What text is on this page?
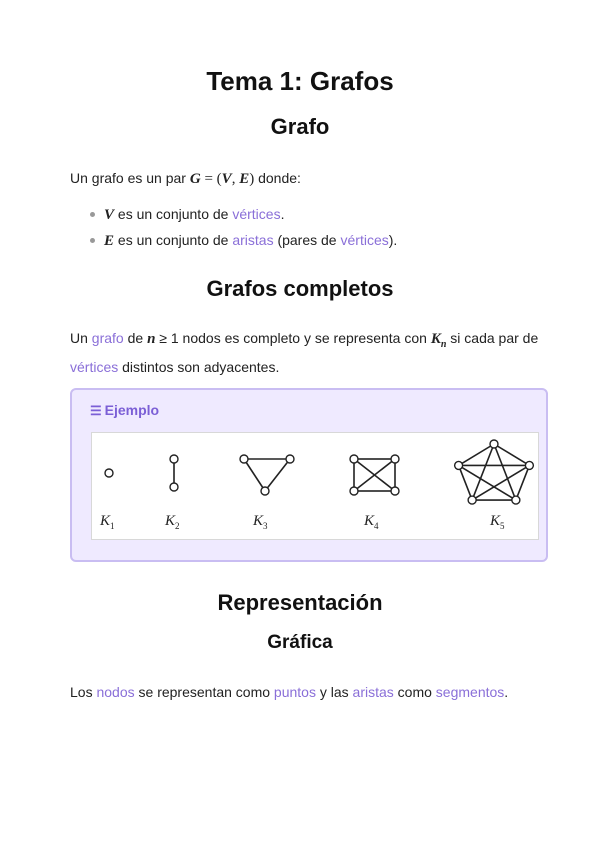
Tema 1: Grafos
Grafo

Un grafo es un par G = (V, E) donde:

V es un conjunto de vértices.
E es un conjunto de aristas (pares de vértices).
Grafos completos

Un grafo de n ≥ 1 nodos es completo y se representa con $K_n$ si cada par de vértices distintos son adyacentes.

☰ Ejemplo
$K_1$	$K_2$	$K_3$	$K_4$	$K_5$
Representación
Gráfica

Los nodos se representan como puntos y las aristas como segmentos.
